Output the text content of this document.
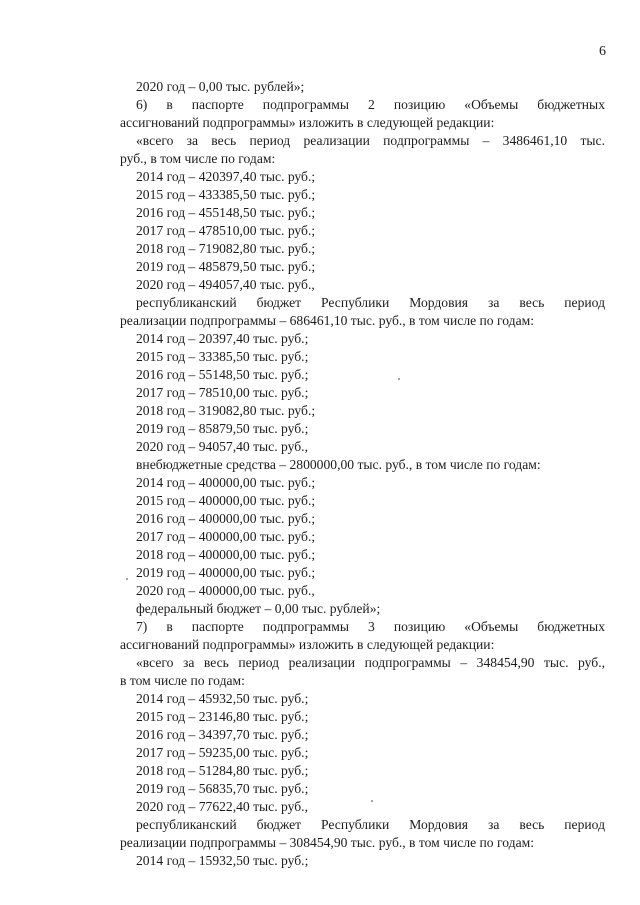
6
2020 год – 0,00 тыс. рублей»;
6) в паспорте подпрограммы 2 позицию «Объемы бюджетных
ассигнований подпрограммы» изложить в следующей редакции:
«всего за весь период реализации подпрограммы – 3486461,10 тыс.
руб., в том числе по годам:
2014 год – 420397,40 тыс. руб.;
2015 год – 433385,50 тыс. руб.;
2016 год – 455148,50 тыс. руб.;
2017 год – 478510,00 тыс. руб.;
2018 год – 719082,80 тыс. руб.;
2019 год – 485879,50 тыс. руб.;
2020 год – 494057,40 тыс. руб.,
республиканский бюджет Республики Мордовия за весь период
реализации подпрограммы – 686461,10 тыс. руб., в том числе по годам:
2014 год – 20397,40 тыс. руб.;
2015 год – 33385,50 тыс. руб.;
2016 год – 55148,50 тыс. руб.;
2017 год – 78510,00 тыс. руб.;
2018 год – 319082,80 тыс. руб.;
2019 год – 85879,50 тыс. руб.;
2020 год – 94057,40 тыс. руб.,
внебюджетные средства – 2800000,00 тыс. руб., в том числе по годам:
2014 год – 400000,00 тыс. руб.;
2015 год – 400000,00 тыс. руб.;
2016 год – 400000,00 тыс. руб.;
2017 год – 400000,00 тыс. руб.;
2018 год – 400000,00 тыс. руб.;
2019 год – 400000,00 тыс. руб.;
2020 год – 400000,00 тыс. руб.,
федеральный бюджет – 0,00 тыс. рублей»;
7) в паспорте подпрограммы 3 позицию «Объемы бюджетных
ассигнований подпрограммы» изложить в следующей редакции:
«всего за весь период реализации подпрограммы – 348454,90 тыс. руб.,
в том числе по годам:
2014 год – 45932,50 тыс. руб.;
2015 год – 23146,80 тыс. руб.;
2016 год – 34397,70 тыс. руб.;
2017 год – 59235,00 тыс. руб.;
2018 год – 51284,80 тыс. руб.;
2019 год – 56835,70 тыс. руб.;
2020 год – 77622,40 тыс. руб.,
республиканский бюджет Республики Мордовия за весь период
реализации подпрограммы – 308454,90 тыс. руб., в том числе по годам:
2014 год – 15932,50 тыс. руб.;
